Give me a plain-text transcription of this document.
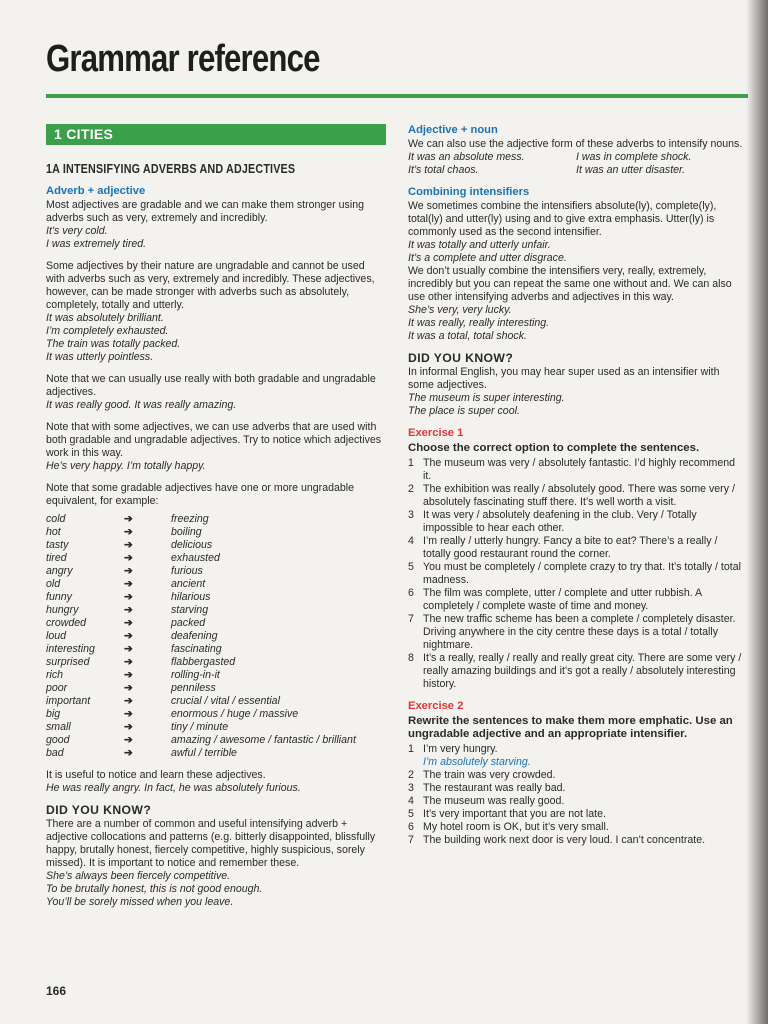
Grammar reference
1 CITIES
1A INTENSIFYING ADVERBS AND ADJECTIVES
Adverb + adjective

Most adjectives are gradable and we can make them stronger using adverbs such as very, extremely and incredibly.

It’s very cold.

I was extremely tired.

Some adjectives by their nature are ungradable and cannot be used with adverbs such as very, extremely and incredibly. These adjectives, however, can be made stronger with adverbs such as absolutely, completely, totally and utterly.

It was absolutely brilliant.

I’m completely exhausted.

The train was totally packed.

It was utterly pointless.

Note that we can usually use really with both gradable and ungradable adjectives.

It was really good. It was really amazing.

Note that with some adjectives, we can use adverbs that are used with both gradable and ungradable adjectives. Try to notice which adjectives work in this way.

He’s very happy. I’m totally happy.

Note that some gradable adjectives have one or more ungradable equivalent, for example:

cold	➔	freezing
hot	➔	boiling
tasty	➔	delicious
tired	➔	exhausted
angry	➔	furious
old	➔	ancient
funny	➔	hilarious
hungry	➔	starving
crowded	➔	packed
loud	➔	deafening
interesting	➔	fascinating
surprised	➔	flabbergasted
rich	➔	rolling-in-it
poor	➔	penniless
important	➔	crucial / vital / essential
big	➔	enormous / huge / massive
small	➔	tiny / minute
good	➔	amazing / awesome / fantastic / brilliant
bad	➔	awful / terrible

It is useful to notice and learn these adjectives.

He was really angry. In fact, he was absolutely furious.

DID YOU KNOW?

There are a number of common and useful intensifying adverb + adjective collocations and patterns (e.g. bitterly disappointed, blissfully happy, brutally honest, fiercely competitive, highly suspicious, sorely missed). It is important to notice and remember these.

She’s always been fiercely competitive.

To be brutally honest, this is not good enough.

You’ll be sorely missed when you leave.

Adjective + noun

We can also use the adjective form of these adverbs to intensify nouns.

It was an absolute mess.	I was in complete shock.
It’s total chaos.	It was an utter disaster.
Combining intensifiers

We sometimes combine the intensifiers absolute(ly), complete(ly), total(ly) and utter(ly) using and to give extra emphasis. Utter(ly) is commonly used as the second intensifier.

It was totally and utterly unfair.

It’s a complete and utter disgrace.

We don’t usually combine the intensifiers very, really, extremely, incredibly but you can repeat the same one without and. We can also use other intensifying adverbs and adjectives in this way.

She’s very, very lucky.

It was really, really interesting.

It was a total, total shock.

DID YOU KNOW?

In informal English, you may hear super used as an intensifier with some adjectives.

The museum is super interesting.

The place is super cool.

Exercise 1
Choose the correct option to complete the sentences.
1 The museum was very / absolutely fantastic. I’d highly recommend it.
2 The exhibition was really / absolutely good. There was some very / absolutely fascinating stuff there. It’s well worth a visit.
3 It was very / absolutely deafening in the club. Very / Totally impossible to hear each other.
4 I’m really / utterly hungry. Fancy a bite to eat? There’s a really / totally good restaurant round the corner.
5 You must be completely / complete crazy to try that. It’s totally / total madness.
6 The film was complete, utter / complete and utter rubbish. A completely / complete waste of time and money.
7 The new traffic scheme has been a complete / completely disaster. Driving anywhere in the city centre these days is a total / totally nightmare.
8 It’s a really, really / really and really great city. There are some very / really amazing buildings and it’s got a really / absolutely interesting history.
Exercise 2
Rewrite the sentences to make them more emphatic. Use an ungradable adjective and an appropriate intensifier.
1 I’m very hungry.
I’m absolutely starving.
2 The train was very crowded.
3 The restaurant was really bad.
4 The museum was really good.
5 It’s very important that you are not late.
6 My hotel room is OK, but it’s very small.
7 The building work next door is very loud. I can’t concentrate.
166
